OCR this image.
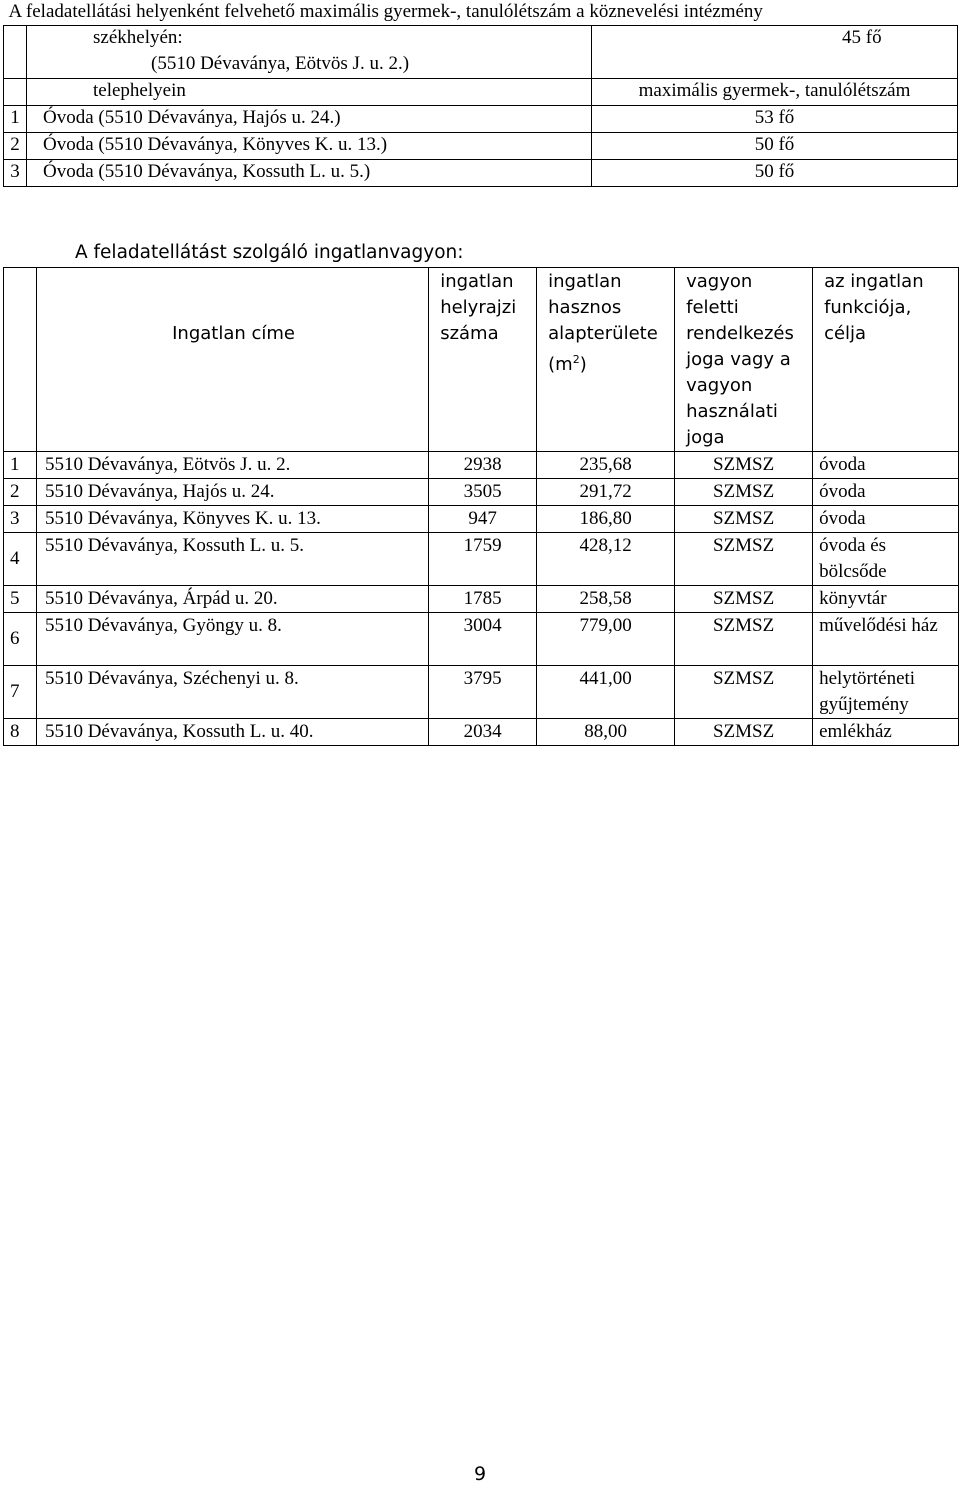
A feladatellátási helyenként felvehető maximális gyermek-, tanulólétszám a köznevelési intézmény		
	székhelyén:	45 fő
	(5510 Dévaványa, Eötvös J. u. 2.)	
	telephelyein	maximális gyermek-, tanulólétszám
1	Óvoda (5510 Dévaványa, Hajós u. 24.)	53 fő
2	Óvoda (5510 Dévaványa, Könyves K. u. 13.)	50 fő
3	Óvoda (5510 Dévaványa, Kossuth L. u. 5.)	50 fő
A feladatellátást szolgáló ingatlanvagyon:
	Ingatlan címe	ingatlan helyrajzi száma	ingatlan hasznos alapterülete $(m^2)$	vagyon feletti rendelkezés joga vagy a vagyon használati joga	az ingatlan funkciója, célja
1	5510 Dévaványa, Eötvös J. u. 2.	2938	235,68	SZMSZ	óvoda
2	5510 Dévaványa, Hajós u. 24.	3505	291,72	SZMSZ	óvoda
3	5510 Dévaványa, Könyves K. u. 13.	947	186,80	SZMSZ	óvoda
4	5510 Dévaványa, Kossuth L. u. 5.	1759	428,12	SZMSZ	óvoda és bölcsőde
5	5510 Dévaványa, Árpád u. 20.	1785	258,58	SZMSZ	könyvtár
6	5510 Dévaványa, Gyöngy u. 8.	3004	779,00	SZMSZ	művelődési ház
7	5510 Dévaványa, Széchenyi u. 8.	3795	441,00	SZMSZ	helytörténeti gyűjtemény
8	5510 Dévaványa, Kossuth L. u. 40.	2034	88,00	SZMSZ	emlékház
9
